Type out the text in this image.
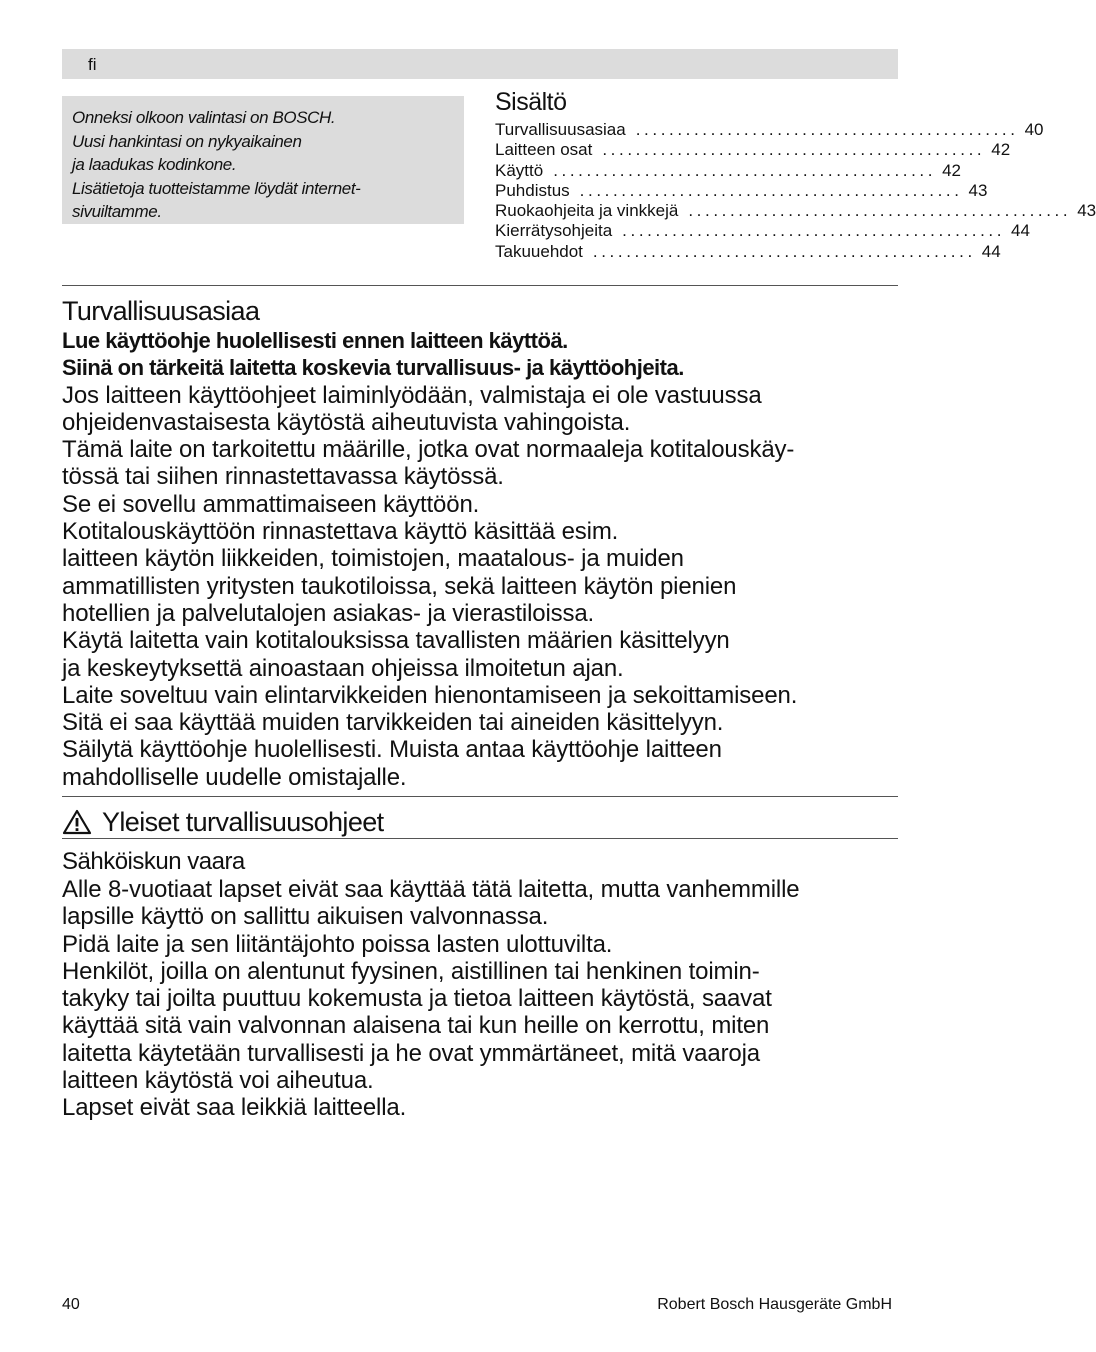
fi

Onneksi olkoon valintasi on BOSCH.

Uusi hankintasi on nykyaikainen

ja laadukas kodinkone.

Lisätietoja tuotteistamme löydät internet-

sivuiltamme.

Sisältö
Turvallisuusasiaa .............................................. 40
Laitteen osat .............................................. 42
Käyttö .............................................. 42
Puhdistus .............................................. 43
Ruokaohjeita ja vinkkejä .............................................. 43
Kierrätysohjeita .............................................. 44
Takuuehdot .............................................. 44
Turvallisuusasiaa

Lue käyttöohje huolellisesti ennen laitteen käyttöä.

Siinä on tärkeitä laitetta koskevia turvallisuus- ja käyttöohjeita.

Jos laitteen käyttöohjeet laiminlyödään, valmistaja ei ole vastuussa

ohjeidenvastaisesta käytöstä aiheutuvista vahingoista.

Tämä laite on tarkoitettu määrille, jotka ovat normaaleja kotitalouskäy-

tössä tai siihen rinnastettavassa käytössä.

Se ei sovellu ammattimaiseen käyttöön.

Kotitalouskäyttöön rinnastettava käyttö käsittää esim.

laitteen käytön liikkeiden, toimistojen, maatalous- ja muiden

ammatillisten yritysten taukotiloissa, sekä laitteen käytön pienien

hotellien ja palvelutalojen asiakas- ja vierastiloissa.

Käytä laitetta vain kotitalouksissa tavallisten määrien käsittelyyn

ja keskeytyksettä ainoastaan ohjeissa ilmoitetun ajan.

Laite soveltuu vain elintarvikkeiden hienontamiseen ja sekoittamiseen.

Sitä ei saa käyttää muiden tarvikkeiden tai aineiden käsittelyyn.

Säilytä käyttöohje huolellisesti. Muista antaa käyttöohje laitteen

mahdolliselle uudelle omistajalle.

Yleiset turvallisuusohjeet
Sähköiskun vaara

Alle 8-vuotiaat lapset eivät saa käyttää tätä laitetta, mutta vanhemmille

lapsille käyttö on sallittu aikuisen valvonnassa.

Pidä laite ja sen liitäntäjohto poissa lasten ulottuvilta.

Henkilöt, joilla on alentunut fyysinen, aistillinen tai henkinen toimin-

takyky tai joilta puuttuu kokemusta ja tietoa laitteen käytöstä, saavat

käyttää sitä vain valvonnan alaisena tai kun heille on kerrottu, miten

laitetta käytetään turvallisesti ja he ovat ymmärtäneet, mitä vaaroja

laitteen käytöstä voi aiheutua.

Lapset eivät saa leikkiä laitteella.

40	Robert Bosch Hausgeräte GmbH
